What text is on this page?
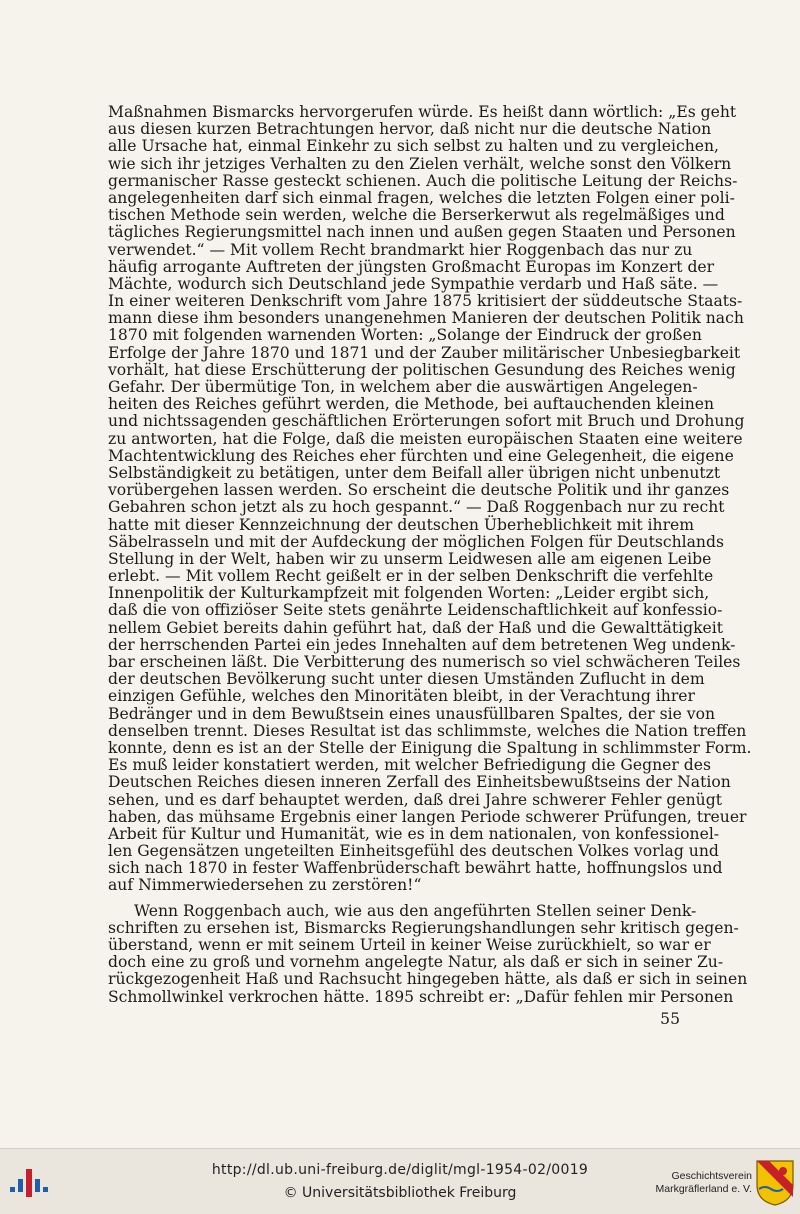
Maßnahmen Bismarcks hervorgerufen würde. Es heißt dann wörtlich: „Es geht
aus diesen kurzen Betrachtungen hervor, daß nicht nur die deutsche Nation
alle Ursache hat, einmal Einkehr zu sich selbst zu halten und zu vergleichen,
wie sich ihr jetziges Verhalten zu den Zielen verhält, welche sonst den Völkern
germanischer Rasse gesteckt schienen. Auch die politische Leitung der Reichs-
angelegenheiten darf sich einmal fragen, welches die letzten Folgen einer poli-
tischen Methode sein werden, welche die Berserkerwut als regelmäßiges und
tägliches Regierungsmittel nach innen und außen gegen Staaten und Personen
verwendet.“ — Mit vollem Recht brandmarkt hier Roggenbach das nur zu
häufig arrogante Auftreten der jüngsten Großmacht Europas im Konzert der
Mächte, wodurch sich Deutschland jede Sympathie verdarb und Haß säte. —
In einer weiteren Denkschrift vom Jahre 1875 kritisiert der süddeutsche Staats-
mann diese ihm besonders unangenehmen Manieren der deutschen Politik nach
1870 mit folgenden warnenden Worten: „Solange der Eindruck der großen
Erfolge der Jahre 1870 und 1871 und der Zauber militärischer Unbesiegbarkeit
vorhält, hat diese Erschütterung der politischen Gesundung des Reiches wenig
Gefahr. Der übermütige Ton, in welchem aber die auswärtigen Angelegen-
heiten des Reiches geführt werden, die Methode, bei auftauchenden kleinen
und nichtssagenden geschäftlichen Erörterungen sofort mit Bruch und Drohung
zu antworten, hat die Folge, daß die meisten europäischen Staaten eine weitere
Machtentwicklung des Reiches eher fürchten und eine Gelegenheit, die eigene
Selbständigkeit zu betätigen, unter dem Beifall aller übrigen nicht unbenutzt
vorübergehen lassen werden. So erscheint die deutsche Politik und ihr ganzes
Gebahren schon jetzt als zu hoch gespannt.“ — Daß Roggenbach nur zu recht
hatte mit dieser Kennzeichnung der deutschen Überheblichkeit mit ihrem
Säbelrasseln und mit der Aufdeckung der möglichen Folgen für Deutschlands
Stellung in der Welt, haben wir zu unserm Leidwesen alle am eigenen Leibe
erlebt. — Mit vollem Recht geißelt er in der selben Denkschrift die verfehlte
Innenpolitik der Kulturkampfzeit mit folgenden Worten: „Leider ergibt sich,
daß die von offiziöser Seite stets genährte Leidenschaftlichkeit auf konfessio-
nellem Gebiet bereits dahin geführt hat, daß der Haß und die Gewalttätigkeit
der herrschenden Partei ein jedes Innehalten auf dem betretenen Weg undenk-
bar erscheinen läßt. Die Verbitterung des numerisch so viel schwächeren Teiles
der deutschen Bevölkerung sucht unter diesen Umständen Zuflucht in dem
einzigen Gefühle, welches den Minoritäten bleibt, in der Verachtung ihrer
Bedränger und in dem Bewußtsein eines unausfüllbaren Spaltes, der sie von
denselben trennt. Dieses Resultat ist das schlimmste, welches die Nation treffen
konnte, denn es ist an der Stelle der Einigung die Spaltung in schlimmster Form.
Es muß leider konstatiert werden, mit welcher Befriedigung die Gegner des
Deutschen Reiches diesen inneren Zerfall des Einheitsbewußtseins der Nation
sehen, und es darf behauptet werden, daß drei Jahre schwerer Fehler genügt
haben, das mühsame Ergebnis einer langen Periode schwerer Prüfungen, treuer
Arbeit für Kultur und Humanität, wie es in dem nationalen, von konfessionel-
len Gegensätzen ungeteilten Einheitsgefühl des deutschen Volkes vorlag und
sich nach 1870 in fester Waffenbrüderschaft bewährt hatte, hoffnungslos und
auf Nimmerwiedersehen zu zerstören!“
Wenn Roggenbach auch, wie aus den angeführten Stellen seiner Denk-
schriften zu ersehen ist, Bismarcks Regierungshandlungen sehr kritisch gegen-
überstand, wenn er mit seinem Urteil in keiner Weise zurückhielt, so war er
doch eine zu groß und vornehm angelegte Natur, als daß er sich in seiner Zu-
rückgezogenheit Haß und Rachsucht hingegeben hätte, als daß er sich in seinen
Schmollwinkel verkrochen hätte. 1895 schreibt er: „Dafür fehlen mir Personen
55
http://dl.ub.uni-freiburg.de/diglit/mgl-1954-02/0019
© Universitätsbibliothek Freiburg
Geschichtsverein
Markgräflerland e. V.
